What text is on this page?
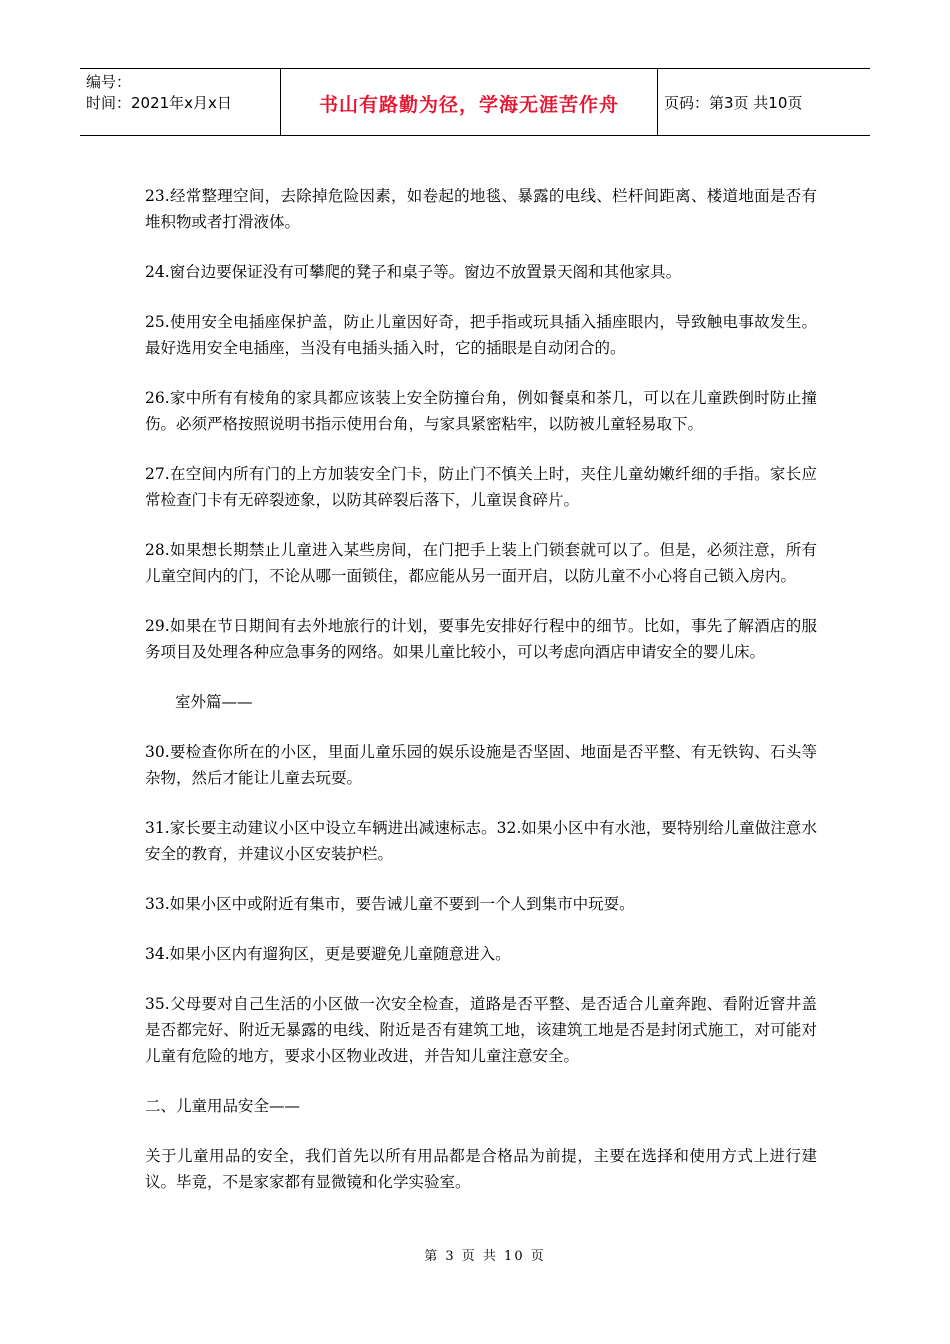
编号：
时间：2021年x月x日	书山有路勤为径，学海无涯苦作舟	页码：第3页 共10页

23.经常整理空间，去除掉危险因素，如卷起的地毯、暴露的电线、栏杆间距离、楼道地面是否有堆积物或者打滑液体。

24.窗台边要保证没有可攀爬的凳子和桌子等。窗边不放置景天阁和其他家具。

25.使用安全电插座保护盖，防止儿童因好奇，把手指或玩具插入插座眼内，导致触电事故发生。最好选用安全电插座，当没有电插头插入时，它的插眼是自动闭合的。

26.家中所有有棱角的家具都应该装上安全防撞台角，例如餐桌和茶几，可以在儿童跌倒时防止撞伤。必须严格按照说明书指示使用台角，与家具紧密粘牢，以防被儿童轻易取下。

27.在空间内所有门的上方加装安全门卡，防止门不慎关上时，夹住儿童幼嫩纤细的手指。家长应常检查门卡有无碎裂迹象，以防其碎裂后落下，儿童误食碎片。

28.如果想长期禁止儿童进入某些房间，在门把手上装上门锁套就可以了。但是，必须注意，所有儿童空间内的门，不论从哪一面锁住，都应能从另一面开启，以防儿童不小心将自己锁入房内。

29.如果在节日期间有去外地旅行的计划，要事先安排好行程中的细节。比如，事先了解酒店的服务项目及处理各种应急事务的网络。如果儿童比较小，可以考虑向酒店申请安全的婴儿床。

室外篇——

30.要检查你所在的小区，里面儿童乐园的娱乐设施是否坚固、地面是否平整、有无铁钩、石头等杂物，然后才能让儿童去玩耍。

31.家长要主动建议小区中设立车辆进出减速标志。32.如果小区中有水池，要特别给儿童做注意水安全的教育，并建议小区安装护栏。

33.如果小区中或附近有集市，要告诫儿童不要到一个人到集市中玩耍。

34.如果小区内有遛狗区，更是要避免儿童随意进入。

35.父母要对自己生活的小区做一次安全检查，道路是否平整、是否适合儿童奔跑、看附近窨井盖是否都完好、附近无暴露的电线、附近是否有建筑工地，该建筑工地是否是封闭式施工，对可能对儿童有危险的地方，要求小区物业改进，并告知儿童注意安全。

二、儿童用品安全——

关于儿童用品的安全，我们首先以所有用品都是合格品为前提，主要在选择和使用方式上进行建议。毕竟，不是家家都有显微镜和化学实验室。

第 3 页 共 10 页
